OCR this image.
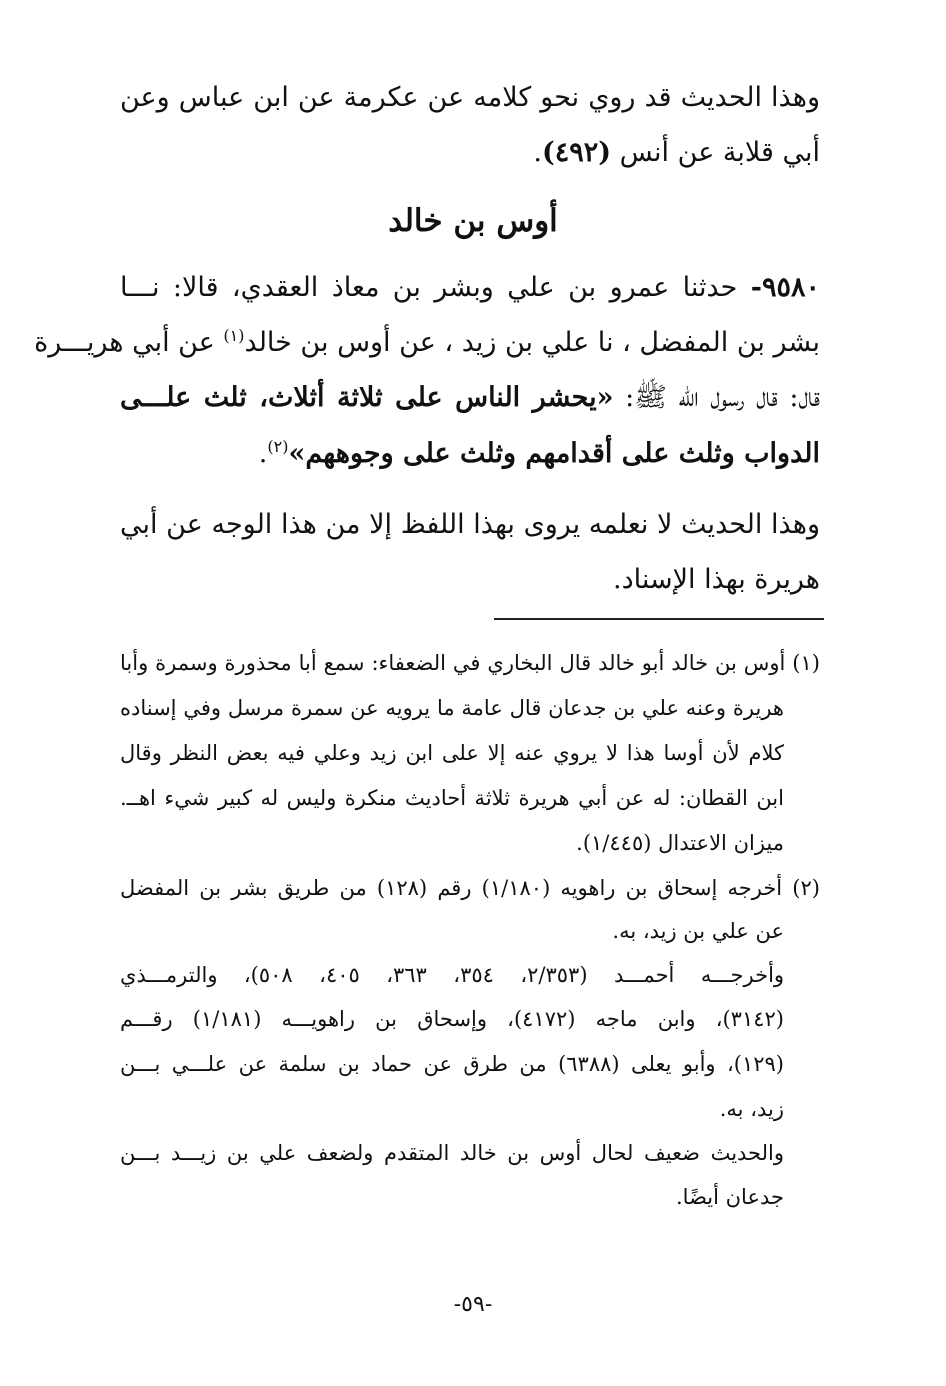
وهذا الحديث قد روي نحو كلامه عن عكرمة عن ابن عباس وعن
أبي قلابة عن أنس (٤٩٢).
أوس بن خالد
٩٥٨٠- حدثنا عمرو بن علي وبشر بن معاذ العقدي، قالا: نـــا
بشر بن المفضل ، نا علي بن زيد ، عن أوس بن خالد$^{(١)}$ عن أبي هريـــرة
قال: قال رسول الله ﷺ: «يحشر الناس على ثلاثة أثلاث، ثلث علـــى
الدواب وثلث على أقدامهم وثلث على وجوههم»$^{(٢)}$.
وهذا الحديث لا نعلمه يروى بهذا اللفظ إلا من هذا الوجه عن أبي
هريرة بهذا الإسناد.
(١) أوس بن خالد أبو خالد قال البخاري في الضعفاء: سمع أبا محذورة وسمرة وأبا
هريرة وعنه علي بن جدعان قال عامة ما يرويه عن سمرة مرسل وفي إسناده
كلام لأن أوسا هذا لا يروي عنه إلا على ابن زيد وعلي فيه بعض النظر وقال
ابن القطان: له عن أبي هريرة ثلاثة أحاديث منكرة وليس له كبير شيء اهــ.
ميزان الاعتدال (١/٤٤٥).
(٢) أخرجه إسحاق بن راهويه (١/١٨٠) رقم (١٢٨) من طريق بشر بن المفضل
عن علي بن زيد، به.
وأخرجـــه أحمـــد (٢/٣٥٣، ٣٥٤، ٣٦٣، ٤٠٥، ٥٠٨)، والترمـــذي
(٣١٤٢)، وابن ماجه (٤١٧٢)، وإسحاق بن راهويـــه (١/١٨١) رقـــم
(١٢٩)، وأبو يعلى (٦٣٨٨) من طرق عن حماد بن سلمة عن علـــي بـــن
زيد، به.
والحديث ضعيف لحال أوس بن خالد المتقدم ولضعف علي بن زيـــد بـــن
جدعان أيضًا.
-٥٩-
